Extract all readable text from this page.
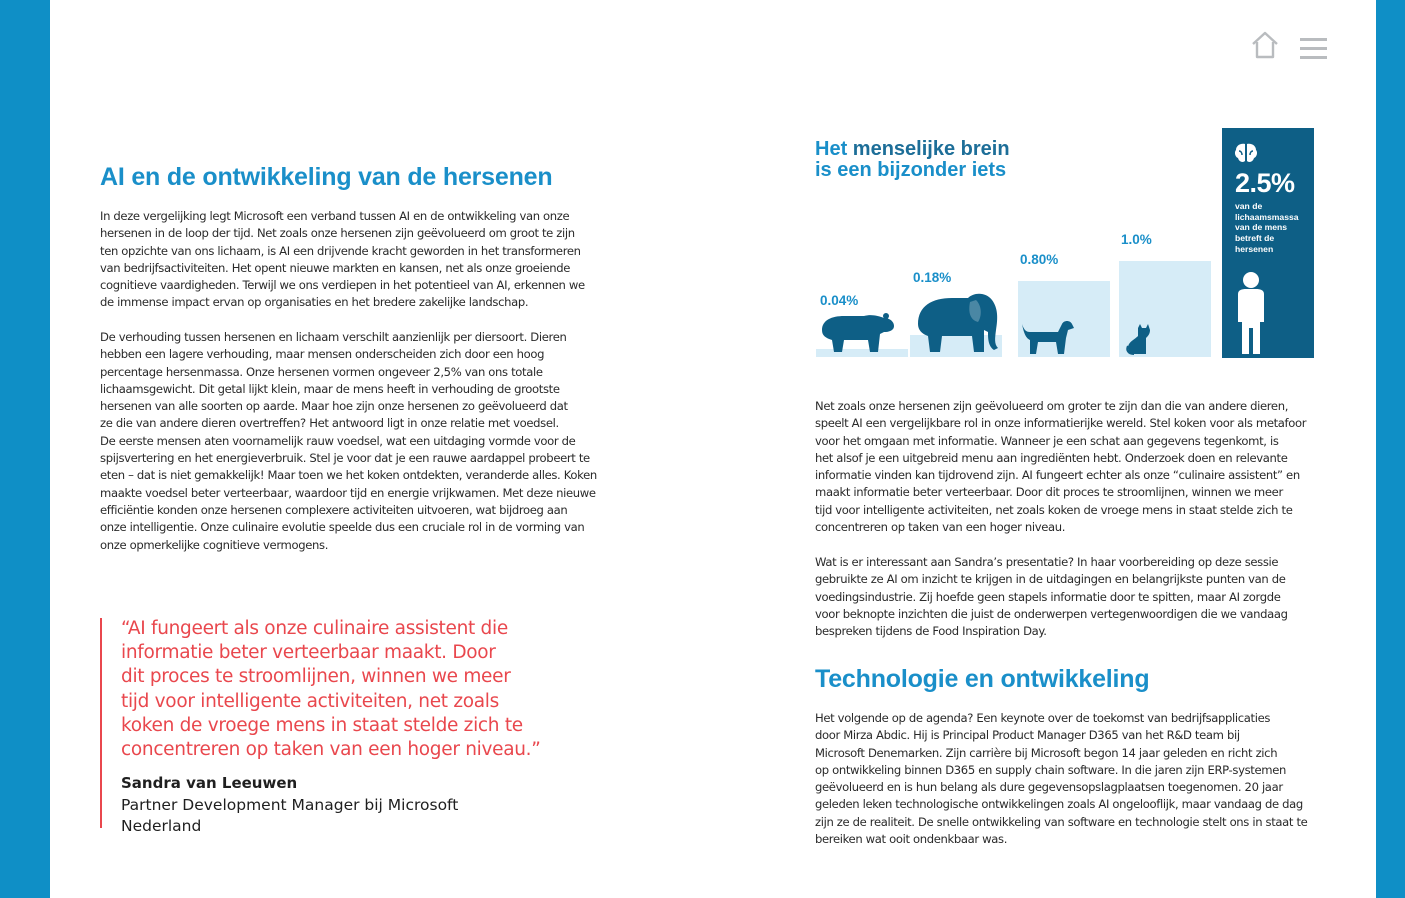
AI en de ontwikkeling van de hersenen

In deze vergelijking legt Microsoft een verband tussen AI en de ontwikkeling van onze
hersenen in de loop der tijd. Net zoals onze hersenen zijn geëvolueerd om groot te zijn
ten opzichte van ons lichaam, is AI een drijvende kracht geworden in het transformeren
van bedrijfsactiviteiten. Het opent nieuwe markten en kansen, net als onze groeiende
cognitieve vaardigheden. Terwijl we ons verdiepen in het potentieel van AI, erkennen we
de immense impact ervan op organisaties en het bredere zakelijke landschap.

De verhouding tussen hersenen en lichaam verschilt aanzienlijk per diersoort. Dieren
hebben een lagere verhouding, maar mensen onderscheiden zich door een hoog
percentage hersenmassa. Onze hersenen vormen ongeveer 2,5% van ons totale
lichaamsgewicht. Dit getal lijkt klein, maar de mens heeft in verhouding de grootste
hersenen van alle soorten op aarde. Maar hoe zijn onze hersenen zo geëvolueerd dat
ze die van andere dieren overtreffen? Het antwoord ligt in onze relatie met voedsel.
De eerste mensen aten voornamelijk rauw voedsel, wat een uitdaging vormde voor de
spijsvertering en het energieverbruik. Stel je voor dat je een rauwe aardappel probeert te
eten – dat is niet gemakkelijk! Maar toen we het koken ontdekten, veranderde alles. Koken
maakte voedsel beter verteerbaar, waardoor tijd en energie vrijkwamen. Met deze nieuwe
efficiëntie konden onze hersenen complexere activiteiten uitvoeren, wat bijdroeg aan
onze intelligentie. Onze culinaire evolutie speelde dus een cruciale rol in de vorming van
onze opmerkelijke cognitieve vermogens.

“AI fungeert als onze culinaire assistent die
informatie beter verteerbaar maakt. Door
dit proces te stroomlijnen, winnen we meer
tijd voor intelligente activiteiten, net zoals
koken de vroege mens in staat stelde zich te
concentreren op taken van een hoger niveau.”
Sandra van Leeuwen
Partner Development Manager bij Microsoft
Nederland
Het menselijke brein
is een bijzonder iets
0.04%
0.18%
0.80%
1.0%
2.5%
van de
lichaamsmassa
van de mens
betreft de
hersenen

Net zoals onze hersenen zijn geëvolueerd om groter te zijn dan die van andere dieren,
speelt AI een vergelijkbare rol in onze informatierijke wereld. Stel koken voor als metafoor
voor het omgaan met informatie. Wanneer je een schat aan gegevens tegenkomt, is
het alsof je een uitgebreid menu aan ingrediënten hebt. Onderzoek doen en relevante
informatie vinden kan tijdrovend zijn. AI fungeert echter als onze “culinaire assistent” en
maakt informatie beter verteerbaar. Door dit proces te stroomlijnen, winnen we meer
tijd voor intelligente activiteiten, net zoals koken de vroege mens in staat stelde zich te
concentreren op taken van een hoger niveau.

Wat is er interessant aan Sandra’s presentatie? In haar voorbereiding op deze sessie
gebruikte ze AI om inzicht te krijgen in de uitdagingen en belangrijkste punten van de
voedingsindustrie. Zij hoefde geen stapels informatie door te spitten, maar AI zorgde
voor beknopte inzichten die juist de onderwerpen vertegenwoordigen die we vandaag
bespreken tijdens de Food Inspiration Day.

Technologie en ontwikkeling

Het volgende op de agenda? Een keynote over de toekomst van bedrijfsapplicaties
door Mirza Abdic. Hij is Principal Product Manager D365 van het R&D team bij
Microsoft Denemarken. Zijn carrière bij Microsoft begon 14 jaar geleden en richt zich
op ontwikkeling binnen D365 en supply chain software. In die jaren zijn ERP-systemen
geëvolueerd en is hun belang als dure gegevensopslagplaatsen toegenomen. 20 jaar
geleden leken technologische ontwikkelingen zoals AI ongelooflijk, maar vandaag de dag
zijn ze de realiteit. De snelle ontwikkeling van software en technologie stelt ons in staat te
bereiken wat ooit ondenkbaar was.
